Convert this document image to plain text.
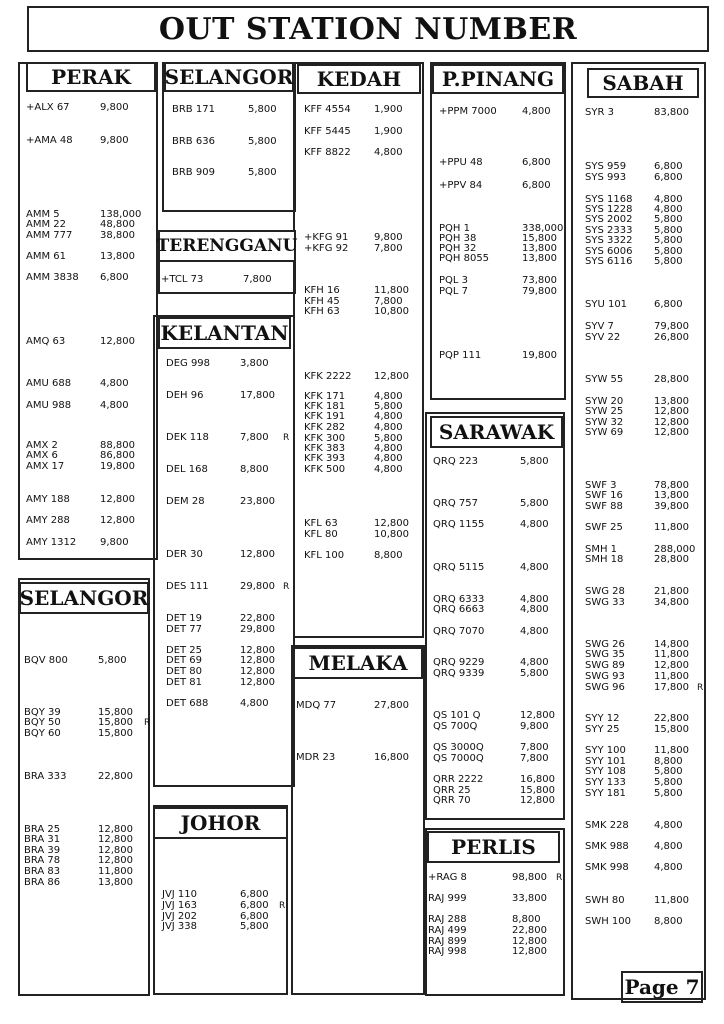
OUT STATION NUMBER
PERAK	SELANGOR
SELANGOR
TERENGGANU
KELANTAN
JOHOR
KEDAH
MELAKA
P.PINANG
SARAWAK
PERLIS
SABAH
+ALX 67	9,800
+AMA 48	9,800
AMM 5	138,000
AMM 22	48,800
AMM 777	38,800
AMM 61	13,800
AMM 3838 6,800
AMQ 63	12,800
AMU 688	4,800
AMU 988	4,800
AMX 2	88,800
AMX 6	86,800
AMX 17	19,800
AMY 188	12,800
AMY 288	12,800
AMY 1312 9,800
BRB 171	5,800
BRB 636	5,800
BRB 909	5,800
BQV 800	5,800
BQY 39	15,800
BQY 50	15,800 R
BQY 60	15,800
BRA 333	22,800
BRA 25	12,800
BRA 31	12,800
BRA 39	12,800
BRA 78	12,800
BRA 83	11,800
BRA 86	13,800
+TCL 73	7,800
DEG 998	3,800
DEH 96	17,800
DEK 118	7,800 R
DEL 168	8,800
DEM 28	23,800
DER 30	12,800
DES 111	29,800 R
DET 19	22,800
DET 77	29,800
DET 25	12,800
DET 69	12,800
DET 80	12,800
DET 81	12,800
DET 688	4,800
JVJ 110	6,800
JVJ 163	6,800 R
JVJ 202	6,800
JVJ 338	5,800
KFF 4554 1,900
KFF 5445 1,900
KFF 8822 4,800
+KFG 91	9,800
+KFG 92	7,800
KFH 16	11,800
KFH 45	7,800
KFH 63	10,800
KFK 2222 12,800
KFK 171	4,800
KFK 181	5,800
KFK 191	4,800
KFK 282	4,800
KFK 300	5,800
KFK 383	4,800
KFK 393	4,800
KFK 500	4,800
KFL 63	12,800
KFL 80	10,800
KFL 100	8,800
MDQ 77	27,800
MDR 23	16,800
+PPM 7000	4,800
+PPU 48	6,800
+PPV 84	6,800
PQH 1	338,000
PQH 38	15,800
PQH 32	13,800
PQH 8055	13,800
PQL 3	73,800
PQL 7	79,800
PQP 111	19,800
QRQ 223	5,800
QRQ 757	5,800
QRQ 1155	4,800
QRQ 5115	4,800
QRQ 6333	4,800
QRQ 6663	4,800
QRQ 7070	4,800
QRQ 9229	4,800
QRQ 9339	5,800
QS 101 Q	12,800
QS 700Q	9,800
QS 3000Q	7,800
QS 7000Q	7,800
QRR 2222	16,800
QRR 25	15,800
QRR 70	12,800
+RAG 8	98,800 R
RAJ 999	33,800
RAJ 288	8,800
RAJ 499	22,800
RAJ 899	12,800
RAJ 998	12,800
SYR 3	83,800
SYS 959	6,800
SYS 993	6,800
SYS 1168 4,800
SYS 1228 4,800
SYS 2002 5,800
SYS 2333 5,800
SYS 3322 5,800
SYS 6006 5,800
SYS 6116 5,800
SYU 101	6,800
SYV 7	79,800
SYV 22	26,800
SYW 55	28,800
SYW 20	13,800
SYW 25	12,800
SYW 32	12,800
SYW 69	12,800
SWF 3	78,800
SWF 16	13,800
SWF 88	39,800
SWF 25	11,800
SMH 1	288,000
SMH 18	28,800
SWG 28	21,800
SWG 33	34,800
SWG 26	14,800
SWG 35	11,800
SWG 89	12,800
SWG 93	11,800
SWG 96	17,800 R
SYY 12	22,800
SYY 25	15,800
SYY 100	11,800
SYY 101	8,800
SYY 108	5,800
SYY 133	5,800
SYY 181	5,800
SMK 228	4,800
SMK 988	4,800
SMK 998	4,800
SWH 80	11,800
SWH 100 8,800
Page 7
